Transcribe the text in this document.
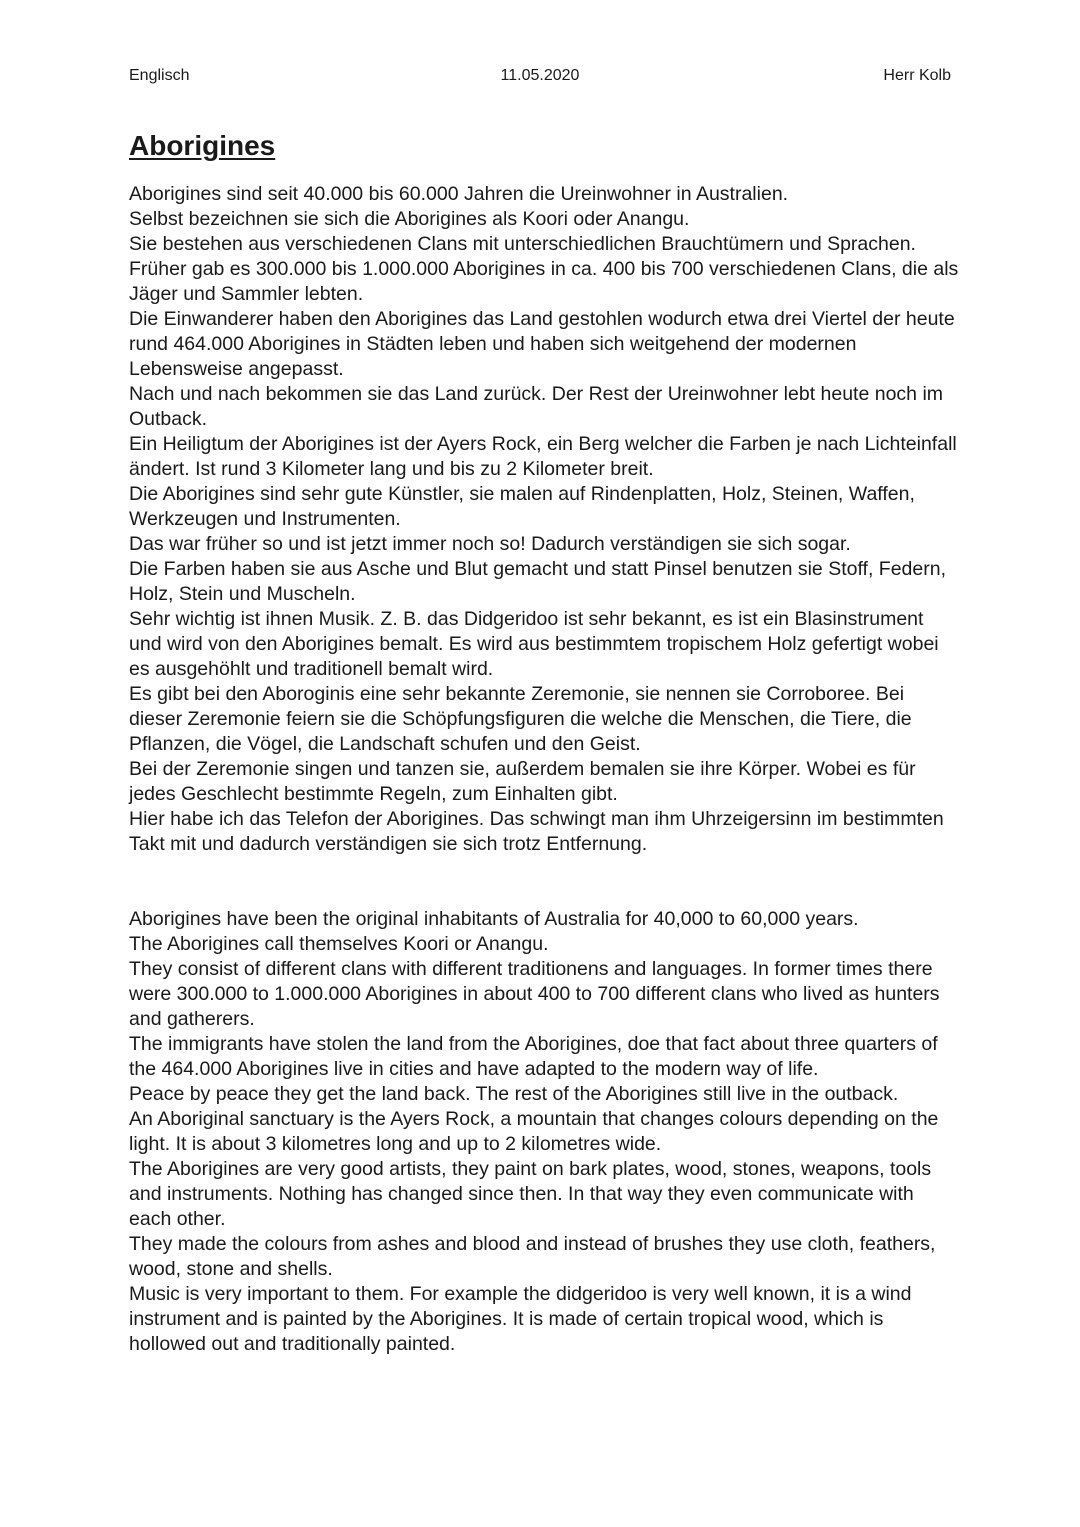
Englisch	11.05.2020	Herr Kolb
Aborigines

Aborigines sind seit 40.000 bis 60.000 Jahren die Ureinwohner in Australien.

Selbst bezeichnen sie sich die Aborigines als Koori oder Anangu.

Sie bestehen aus verschiedenen Clans mit unterschiedlichen Brauchtümern und Sprachen. Früher gab es 300.000 bis 1.000.000 Aborigines in ca. 400 bis 700 verschiedenen Clans, die als Jäger und Sammler lebten.

Die Einwanderer haben den Aborigines das Land gestohlen wodurch etwa drei Viertel der heute rund 464.000 Aborigines in Städten leben und haben sich weitgehend der modernen Lebensweise angepasst.

Nach und nach bekommen sie das Land zurück. Der Rest der Ureinwohner lebt heute noch im Outback.

Ein Heiligtum der Aborigines ist der Ayers Rock, ein Berg welcher die Farben je nach Lichteinfall ändert. Ist rund 3 Kilometer lang und bis zu 2 Kilometer breit.

Die Aborigines sind sehr gute Künstler, sie malen auf Rindenplatten, Holz, Steinen, Waffen, Werkzeugen und Instrumenten.

Das war früher so und ist jetzt immer noch so! Dadurch verständigen sie sich sogar.

Die Farben haben sie aus Asche und Blut gemacht und statt Pinsel benutzen sie Stoff, Federn, Holz, Stein und Muscheln.

Sehr wichtig ist ihnen Musik. Z. B. das Didgeridoo ist sehr bekannt, es ist ein Blasinstrument und wird von den Aborigines bemalt. Es wird aus bestimmtem tropischem Holz gefertigt wobei es ausgehöhlt und traditionell bemalt wird.

Es gibt bei den Aboroginis eine sehr bekannte Zeremonie, sie nennen sie Corroboree. Bei dieser Zeremonie feiern sie die Schöpfungsfiguren die welche die Menschen, die Tiere, die Pflanzen, die Vögel, die Landschaft schufen und den Geist.

Bei der Zeremonie singen und tanzen sie, außerdem bemalen sie ihre Körper. Wobei es für jedes Geschlecht bestimmte Regeln, zum Einhalten gibt.

Hier habe ich das Telefon der Aborigines. Das schwingt man ihm Uhrzeigersinn im bestimmten Takt mit und dadurch verständigen sie sich trotz Entfernung.

Aborigines have been the original inhabitants of Australia for 40,000 to 60,000 years.

The Aborigines call themselves Koori or Anangu.

They consist of different clans with different traditionens and languages. In former times there were 300.000 to 1.000.000 Aborigines in about 400 to 700 different clans who lived as hunters and gatherers.

The immigrants have stolen the land from the Aborigines, doe that fact about three quarters of the 464.000 Aborigines live in cities and have adapted to the modern way of life.

Peace by peace they get the land back. The rest of the Aborigines still live in the outback.

An Aboriginal sanctuary is the Ayers Rock, a mountain that changes colours depending on the light. It is about 3 kilometres long and up to 2 kilometres wide.

The Aborigines are very good artists, they paint on bark plates, wood, stones, weapons, tools and instruments. Nothing has changed since then. In that way they even communicate with each other.

They made the colours from ashes and blood and instead of brushes they use cloth, feathers, wood, stone and shells.

Music is very important to them. For example the didgeridoo is very well known, it is a wind instrument and is painted by the Aborigines. It is made of certain tropical wood, which is hollowed out and traditionally painted.
